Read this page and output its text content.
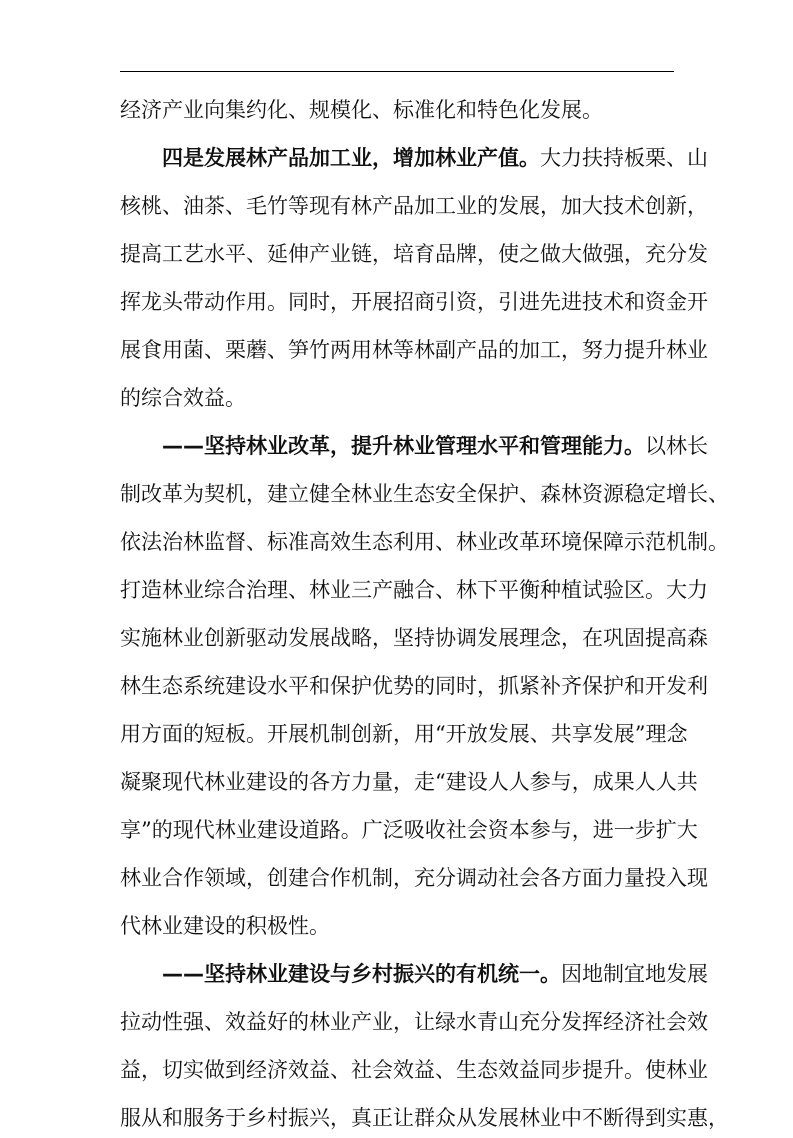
经济产业向集约化、规模化、标准化和特色化发展。
四是发展林产品加工业，增加林业产值。大力扶持板栗、山
核桃、油茶、毛竹等现有林产品加工业的发展，加大技术创新，
提高工艺水平、延伸产业链，培育品牌，使之做大做强，充分发
挥龙头带动作用。同时，开展招商引资，引进先进技术和资金开
展食用菌、栗蘑、笋竹两用林等林副产品的加工，努力提升林业
的综合效益。
——坚持林业改革，提升林业管理水平和管理能力。以林长
制改革为契机，建立健全林业生态安全保护、森林资源稳定增长、
依法治林监督、标准高效生态利用、林业改革环境保障示范机制。
打造林业综合治理、林业三产融合、林下平衡种植试验区。大力
实施林业创新驱动发展战略，坚持协调发展理念，在巩固提高森
林生态系统建设水平和保护优势的同时，抓紧补齐保护和开发利
用方面的短板。开展机制创新，用“开放发展、共享发展”理念
凝聚现代林业建设的各方力量，走“建设人人参与，成果人人共
享”的现代林业建设道路。广泛吸收社会资本参与，进一步扩大
林业合作领域，创建合作机制，充分调动社会各方面力量投入现
代林业建设的积极性。
——坚持林业建设与乡村振兴的有机统一。因地制宜地发展
拉动性强、效益好的林业产业，让绿水青山充分发挥经济社会效
益，切实做到经济效益、社会效益、生态效益同步提升。使林业
服从和服务于乡村振兴，真正让群众从发展林业中不断得到实惠，
